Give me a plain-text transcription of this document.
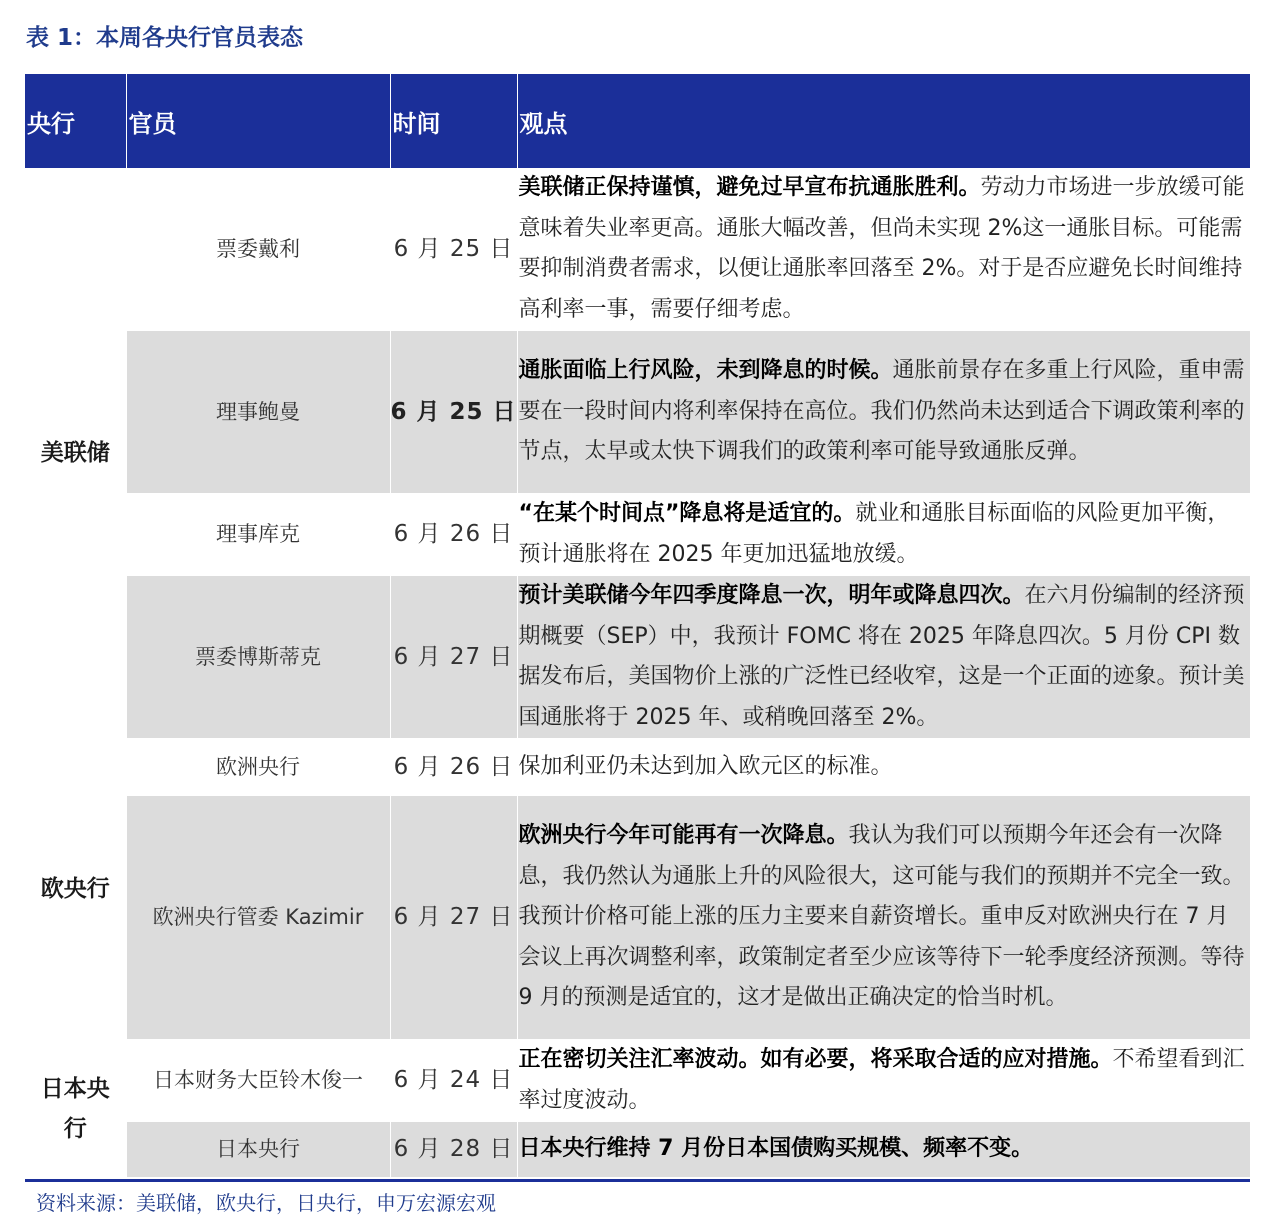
表 1：本周各央行官员表态
央行	官员	时间	观点
美联储	票委戴利	6 月 25 日	美联储正保持谨慎，避免过早宣布抗通胀胜利。劳动力市场进一步放缓可能意味着失业率更高。通胀大幅改善，但尚未实现 2%这一通胀目标。可能需要抑制消费者需求，以便让通胀率回落至 2%。对于是否应避免长时间维持高利率一事，需要仔细考虑。
	理事鲍曼	6 月 25 日	通胀面临上行风险，未到降息的时候。通胀前景存在多重上行风险，重申需要在一段时间内将利率保持在高位。我们仍然尚未达到适合下调政策利率的节点，太早或太快下调我们的政策利率可能导致通胀反弹。
	理事库克	6 月 26 日	“在某个时间点”降息将是适宜的。就业和通胀目标面临的风险更加平衡，预计通胀将在 2025 年更加迅猛地放缓。
	票委博斯蒂克	6 月 27 日	预计美联储今年四季度降息一次，明年或降息四次。在六月份编制的经济预期概要（SEP）中，我预计 FOMC 将在 2025 年降息四次。5 月份 CPI 数据发布后，美国物价上涨的广泛性已经收窄，这是一个正面的迹象。预计美国通胀将于 2025 年、或稍晚回落至 2%。
欧央行	欧洲央行	6 月 26 日	保加利亚仍未达到加入欧元区的标准。
	欧洲央行管委 Kazimir	6 月 27 日	欧洲央行今年可能再有一次降息。我认为我们可以预期今年还会有一次降息，我仍然认为通胀上升的风险很大，这可能与我们的预期并不完全一致。我预计价格可能上涨的压力主要来自薪资增长。重申反对欧洲央行在 7 月会议上再次调整利率，政策制定者至少应该等待下一轮季度经济预测。等待 9 月的预测是适宜的，这才是做出正确决定的恰当时机。
日本央行	日本财务大臣铃木俊一	6 月 24 日	正在密切关注汇率波动。如有必要，将采取合适的应对措施。不希望看到汇率过度波动。
	日本央行	6 月 28 日	日本央行维持 7 月份日本国债购买规模、频率不变。
资料来源：美联储，欧央行，日央行，申万宏源宏观
